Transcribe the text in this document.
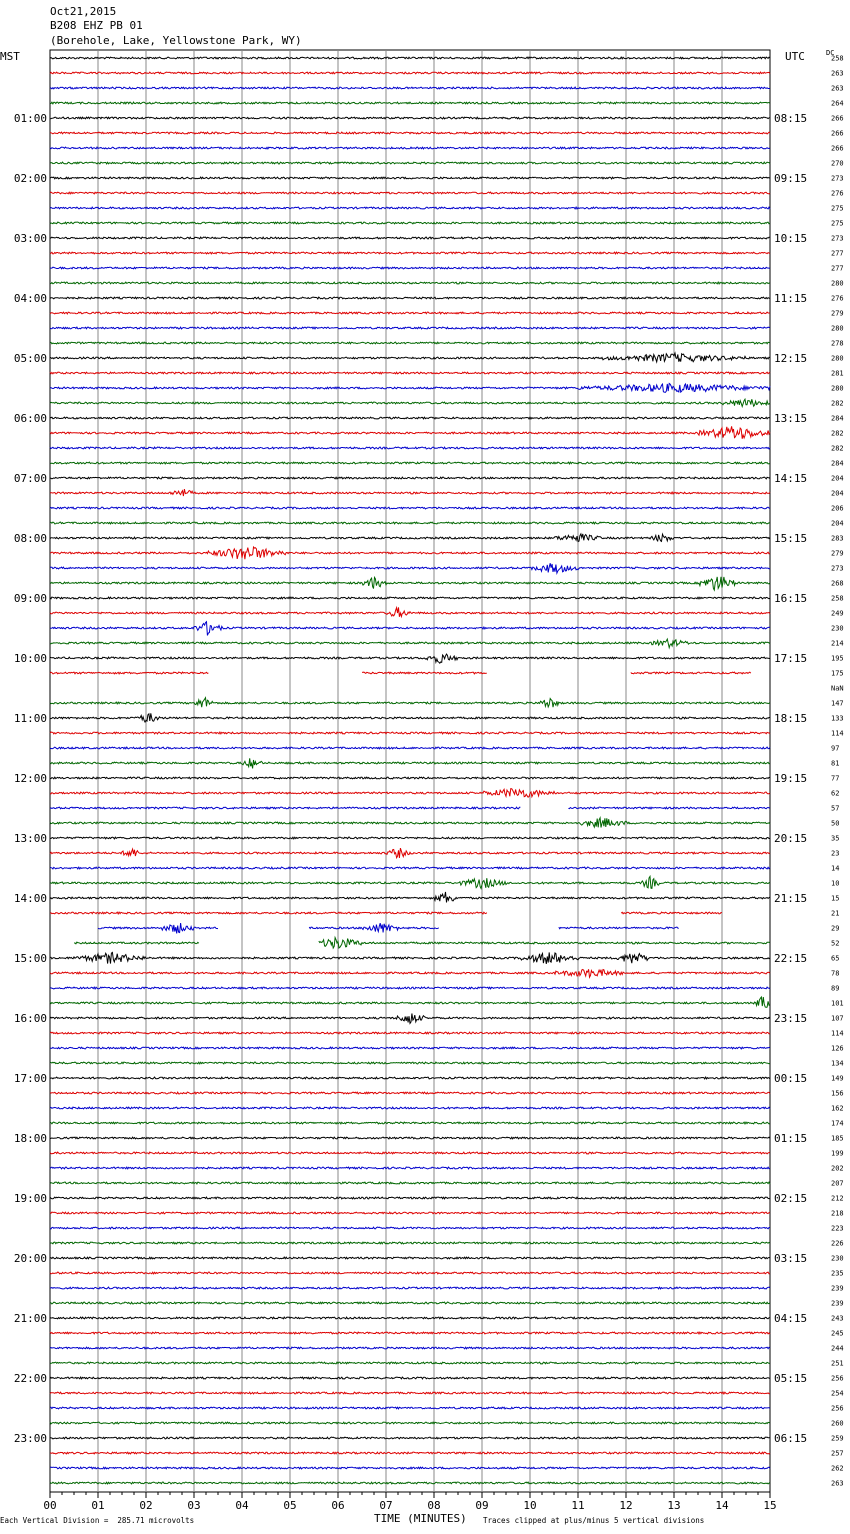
Oct21,2015
B208 EHZ PB 01
(Borehole, Lake, Yellowstone Park, WY)
MST	UTC	DC
01:00
02:00
03:00
04:00
05:00
06:00
07:00
08:00
09:00
10:00
11:00
12:00
13:00
14:00
15:00
16:00
17:00
18:00
19:00
20:00
21:00
22:00
23:00
08:15
09:15
10:15
11:15
12:15
13:15
14:15
15:15
16:15
17:15
18:15
19:15
20:15
21:15
22:15
23:15
00:15
01:15
02:15
03:15
04:15
05:15
06:15
258
263
263
264
266
266
266
270
273
276
275
275
273
277
277
280
276
279
280
278
280
281
280
282
284
282
282
284
204
204
206
204
283
279
273
268
258
249
230
214
195
175
NaN
147
133
114
97
81
77
62
57
50
35
23
14
10
15
21
29
52
65
78
89
101
107
114
126
134
149
156
162
174
185
199
202
207
212
218
223
226
230
235
239
239
243
245
244
251
256
254
256
260
259
257
262
263
00	01	02	03	04	05	06	07	08	09	10	11	12	13	14	15
TIME (MINUTES)
Each Vertical Division =  285.71 microvolts	Traces clipped at plus/minus 5 vertical divisions
